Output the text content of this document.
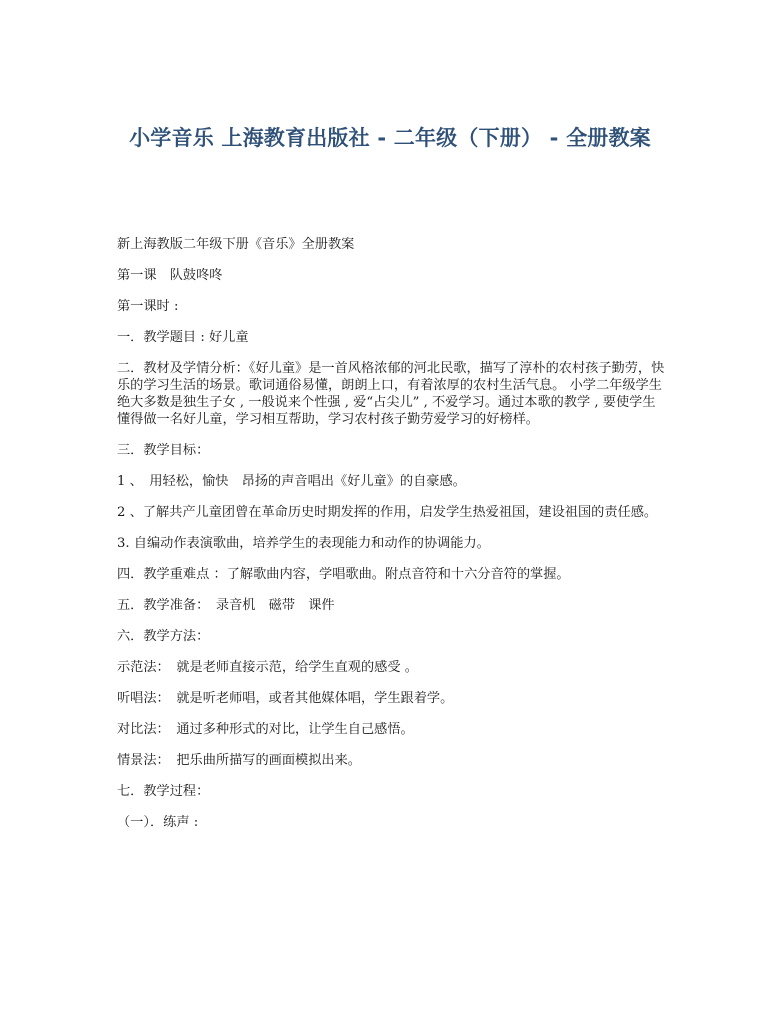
小学音乐 上海教育出版社 - 二年级（下册） - 全册教案

新上海教版二年级下册《音乐》全册教案

第一课　队鼓咚咚

第一课时 :

一．教学题目 : 好儿童

二．教材及学情分析：《好儿童》是一首风格浓郁的河北民歌，描写了淳朴的农村孩子勤劳，快乐的学习生活的场景。歌词通俗易懂，朗朗上口，有着浓厚的农村生活气息。 小学二年级学生绝大多数是独生子女 , 一般说来个性强 , 爱“占尖儿” , 不爱学习。通过本歌的教学 , 要使学生懂得做一名好儿童，学习相互帮助，学习农村孩子勤劳爱学习的好榜样。

三．教学目标：

1 、　用轻松，愉快　昂扬的声音唱出《好儿童》的自豪感。

2 、了解共产儿童团曾在革命历史时期发挥的作用，启发学生热爱祖国，建设祖国的责任感。

3. 自编动作表演歌曲，培养学生的表现能力和动作的协调能力。

四．教学重难点 ：了解歌曲内容，学唱歌曲。附点音符和十六分音符的掌握。

五．教学准备：　录音机　磁带　课件

六．教学方法：

示范法：　就是老师直接示范，给学生直观的感受 。

听唱法：　就是听老师唱，或者其他媒体唱，学生跟着学。

对比法：　通过多种形式的对比，让学生自己感悟。

情景法：　把乐曲所描写的画面模拟出来。

七．教学过程：

（一）．练声 :
